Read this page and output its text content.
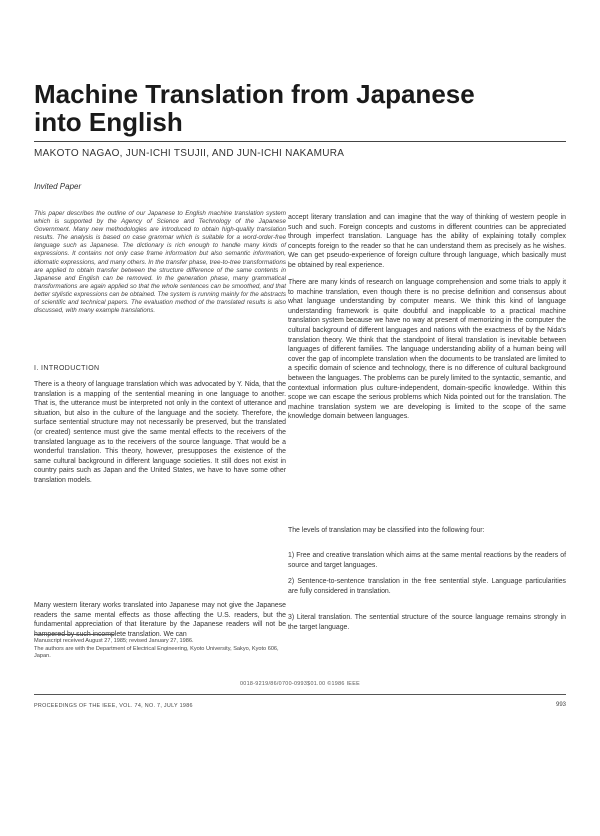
Machine Translation from Japanese into English
MAKOTO NAGAO, JUN-ICHI TSUJII, AND JUN-ICHI NAKAMURA
Invited Paper

This paper describes the outline of our Japanese to English machine translation system which is supported by the Agency of Science and Technology of the Japanese Government. Many new methodologies are introduced to obtain high-quality translation results. The analysis is based on case grammar which is suitable for a word-order-free language such as Japanese. The dictionary is rich enough to handle many kinds of expressions. It contains not only case frame information but also semantic information, idiomatic expressions, and many others. In the transfer phase, tree-to-tree transformations are applied to obtain transfer between the structure difference of the same contents in Japanese and English can be removed. In the generation phase, many grammatical transformations are again applied so that the whole sentences can be smoothed, and that better stylistic expressions can be obtained. The system is running mainly for the abstracts of scientific and technical papers. The evaluation method of the translated results is also discussed, with many example translations.

I. INTRODUCTION

There is a theory of language translation which was advocated by Y. Nida, that the translation is a mapping of the sentential meaning in one language to another. That is, the utterance must be interpreted not only in the context of utterance and situation, but also in the culture of the language and the society. Therefore, the surface sentential structure may not necessarily be preserved, but the translated (or created) sentence must give the same mental effects to the receivers of the translated language as to the receivers of the source language. That would be a wonderful translation. This theory, however, presupposes the existence of the same cultural background in different language societies. It still does not exist in country pairs such as Japan and the United States, we have to have some other translation models.

Many western literary works translated into Japanese may not give the Japanese readers the same mental effects as those affecting the U.S. readers, but the fundamental appreciation of that literature by the Japanese readers will not be hampered by such incomplete translation. We can

Manuscript received August 27, 1985; revised January 27, 1986.
The authors are with the Department of Electrical Engineering, Kyoto University, Sakyo, Kyoto 606, Japan.

accept literary translation and can imagine that the way of thinking of western people in such and such. Foreign concepts and customs in different countries can be appreciated through imperfect translation. Language has the ability of explaining totally complex concepts foreign to the reader so that he can understand them as precisely as he wishes. We can get pseudo-experience of foreign culture through language, which basically must be obtained by real experience.

There are many kinds of research on language comprehension and some trials to apply it to machine translation, even though there is no precise definition and consensus about what language understanding by computer means. We think this kind of language understanding framework is quite doubtful and inapplicable to a practical machine translation system because we have no way at present of memorizing in the computer the cultural background of different languages and nations with the exactness of by the Nida's translation theory. We think that the standpoint of literal translation is inevitable between languages of different families. The language understanding ability of a human being will cover the gap of incomplete translation when the documents to be translated are limited to a specific domain of science and technology, there is no difference of cultural background between the languages. The problems can be purely limited to the syntactic, semantic, and contextual information plus culture-independent, domain-specific knowledge. Within this scope we can escape the serious problems which Nida pointed out for the translation. The machine translation system we are developing is limited to the scope of the same knowledge domain between languages.

The levels of translation may be classified into the following four:

1) Free and creative translation which aims at the same mental reactions by the readers of source and target languages.

2) Sentence-to-sentence translation in the free sentential style. Language particularities are fully considered in translation.

3) Literal translation. The sentential structure of the source language remains strongly in the target language.

0018-9219/86/0700-0993$01.00 ©1986 IEEE
PROCEEDINGS OF THE IEEE, VOL. 74, NO. 7, JULY 1986	993
